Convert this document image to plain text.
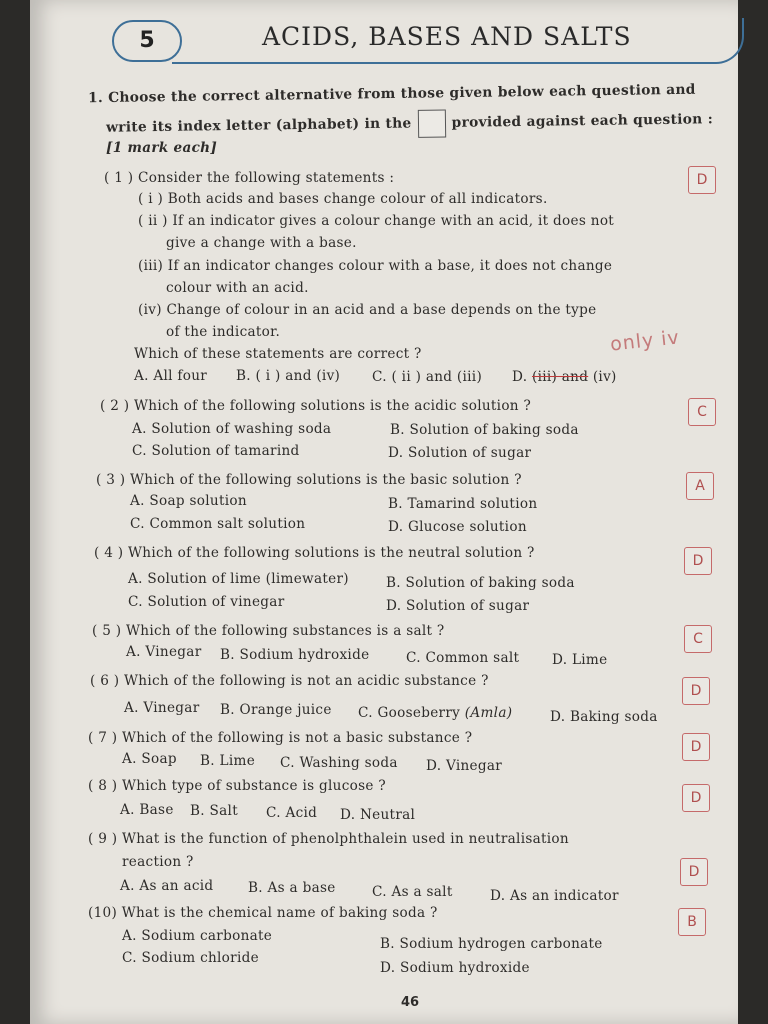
5	ACIDS, BASES AND SALTS
1. Choose the correct alternative from those given below each question and
write its index letter (alphabet) in the	provided against each question :
[1 mark each]
( 1 ) Consider the following statements :	D
( i ) Both acids and bases change colour of all indicators.
( ii ) If an indicator gives a colour change with an acid, it does not
give a change with a base.
(iii) If an indicator changes colour with a base, it does not change
colour with an acid.
(iv) Change of colour in an acid and a base depends on the type
of the indicator.	only iv
Which of these statements are correct ?
A. All four B. ( i ) and (iv) C. ( ii ) and (iii) D. (iii) and (iv)
( 2 ) Which of the following solutions is the acidic solution ?	C
A. Solution of washing soda	B. Solution of baking soda
C. Solution of tamarind	D. Solution of sugar
( 3 ) Which of the following solutions is the basic solution ?	A
A. Soap solution	B. Tamarind solution
C. Common salt solution	D. Glucose solution
( 4 ) Which of the following solutions is the neutral solution ?	D
A. Solution of lime (limewater)	B. Solution of baking soda
C. Solution of vinegar	D. Solution of sugar
( 5 ) Which of the following substances is a salt ?	C
A. Vinegar B. Sodium hydroxide	C. Common salt D. Lime
( 6 ) Which of the following is not an acidic substance ?
D
A. Vinegar B. Orange juice C. Gooseberry (Amla)	D. Baking soda
( 7 ) Which of the following is not a basic substance ?
D
A. Soap B. Lime C. Washing soda D. Vinegar
( 8 ) Which type of substance is glucose ?
D
A. Base B. Salt C. Acid D. Neutral
( 9 ) What is the function of phenolphthalein used in neutralisation
reaction ?
D
A. As an acid	B. As a base	C. As a salt	D. As an indicator
(10) What is the chemical name of baking soda ?
B
A. Sodium carbonate	B. Sodium hydrogen carbonate
C. Sodium chloride
D. Sodium hydroxide
46
